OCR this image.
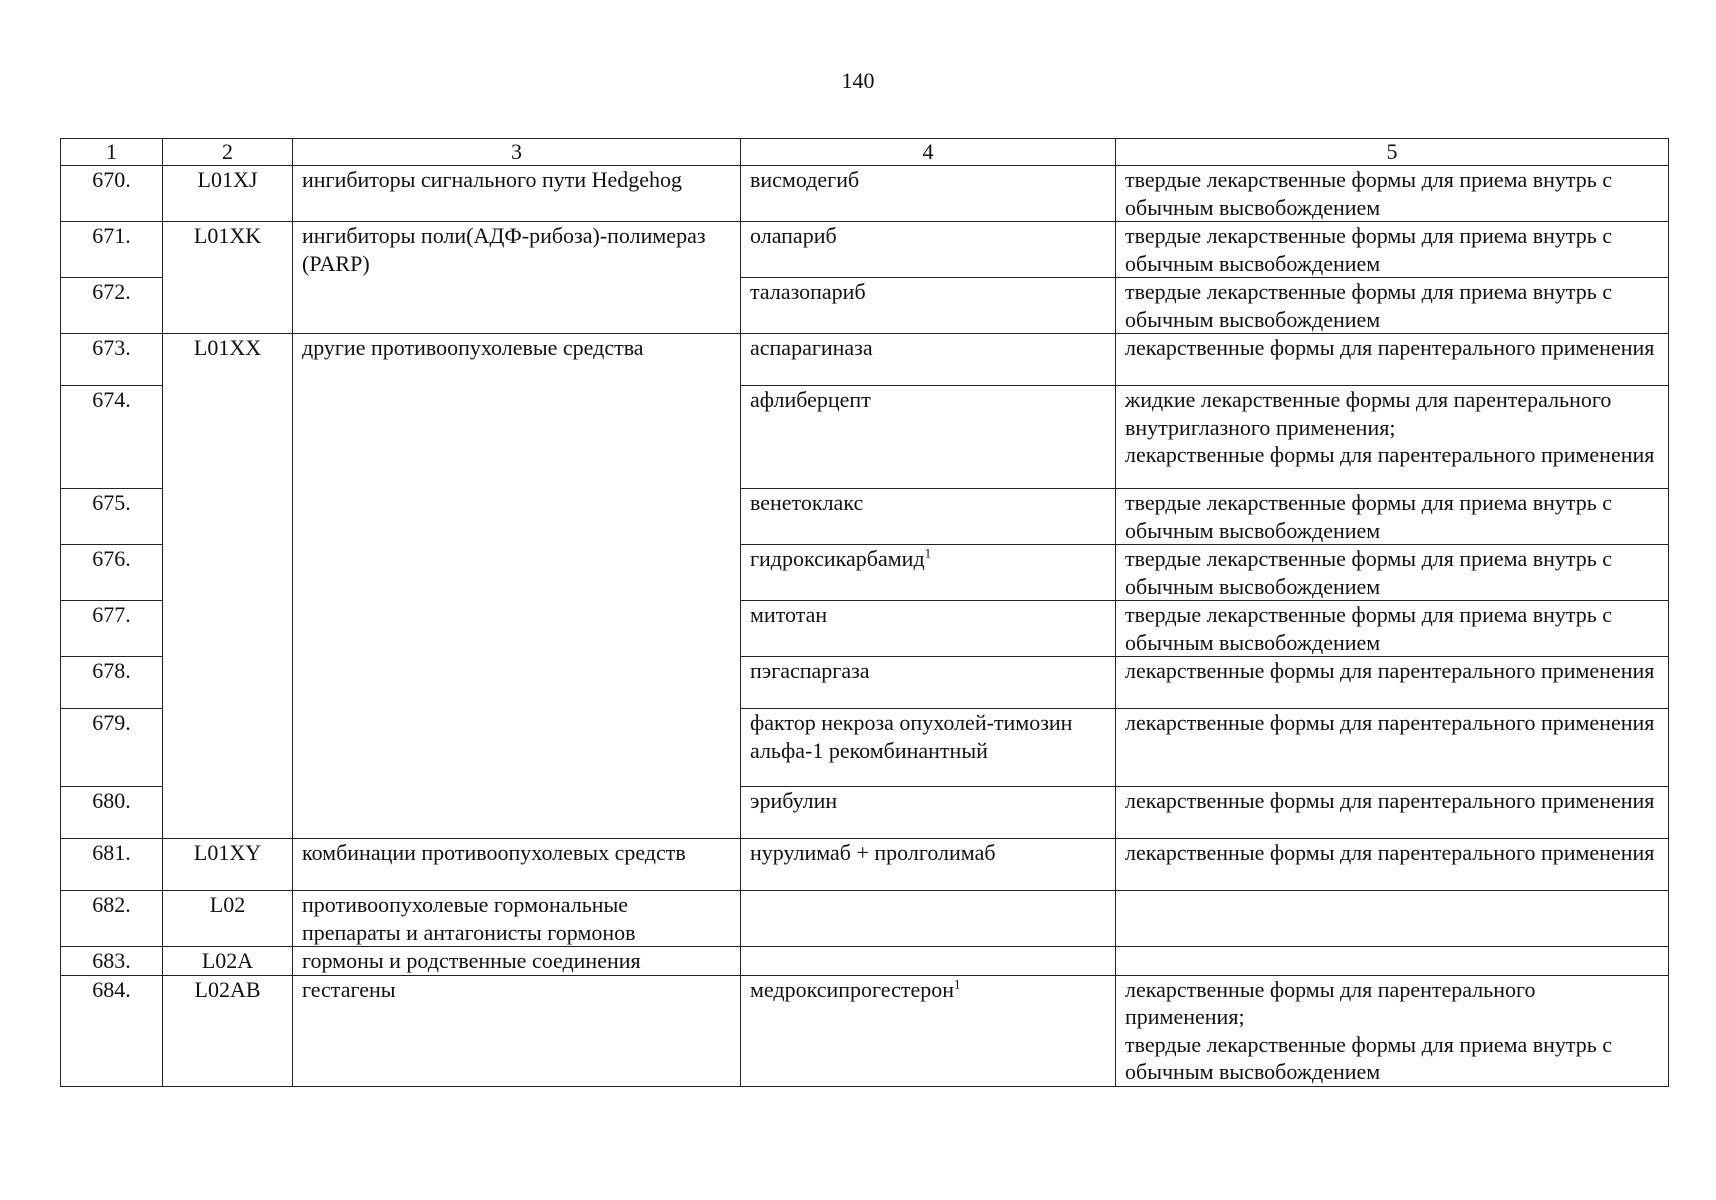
140
1	2	3	4	5
670.	L01XJ	ингибиторы сигнального пути Hedgehog	висмодегиб	твердые лекарственные формы для приема внутрь с обычным высвобождением
671.	L01XK	ингибиторы поли(АДФ-рибоза)-полимераз (PARP)	олапариб	твердые лекарственные формы для приема внутрь с обычным высвобождением
672.			талазопариб	твердые лекарственные формы для приема внутрь с обычным высвобождением
673.	L01XX	другие противоопухолевые средства	аспарагиназа	лекарственные формы для парентерального применения
674.			афлиберцепт	жидкие лекарственные формы для парентерального внутриглазного применения;
лекарственные формы для парентерального применения
675.			венетоклакс	твердые лекарственные формы для приема внутрь с обычным высвобождением
676.			гидроксикарбамид$^1$	твердые лекарственные формы для приема внутрь с обычным высвобождением
677.			митотан	твердые лекарственные формы для приема внутрь с обычным высвобождением
678.			пэгаспаргаза	лекарственные формы для парентерального применения
679.			фактор некроза опухолей-тимозин альфа-1 рекомбинантный	лекарственные формы для парентерального применения
680.			эрибулин	лекарственные формы для парентерального применения
681.	L01XY	комбинации противоопухолевых средств	нурулимаб + пролголимаб	лекарственные формы для парентерального применения
682.	L02	противоопухолевые гормональные препараты и антагонисты гормонов		
683.	L02A	гормоны и родственные соединения		
684.	L02AB	гестагены	медроксипрогестерон$^1$	лекарственные формы для парентерального применения;
твердые лекарственные формы для приема внутрь с обычным высвобождением
